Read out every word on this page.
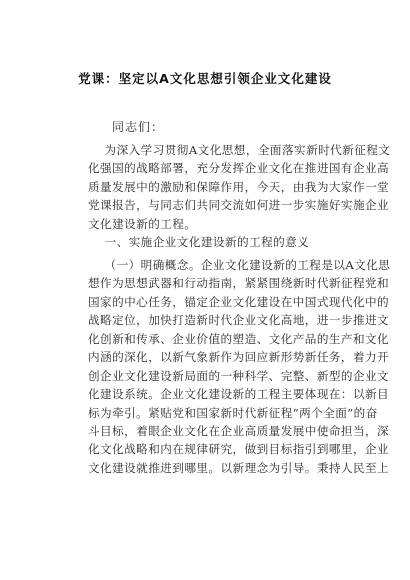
党课：坚定以A文化思想引领企业文化建设
同志们：
为深入学习贯彻A文化思想，全面落实新时代新征程文
化强国的战略部署，充分发挥企业文化在推进国有企业高
质量发展中的激励和保障作用，今天，由我为大家作一堂
党课报告，与同志们共同交流如何进一步实施好实施企业
文化建设新的工程。
一、实施企业文化建设新的工程的意义
（一）明确概念。企业文化建设新的工程是以A文化思
想作为思想武器和行动指南，紧紧围绕新时代新征程党和
国家的中心任务，锚定企业文化建设在中国式现代化中的
战略定位，加快打造新时代企业文化高地，进一步推进文
化创新和传承、企业价值的塑造、文化产品的生产和文化
内涵的深化，以新气象新作为回应新形势新任务，着力开
创企业文化建设新局面的一种科学、完整、新型的企业文
化建设系统。企业文化建设新的工程主要体现在：以新目
标为牵引。紧贴党和国家新时代新征程“两个全面”的奋
斗目标，着眼企业文化在企业高质量发展中使命担当，深
化文化战略和内在规律研究，做到目标指引到哪里，企业
文化建设就推进到哪里。以新理念为引导。秉持人民至上
